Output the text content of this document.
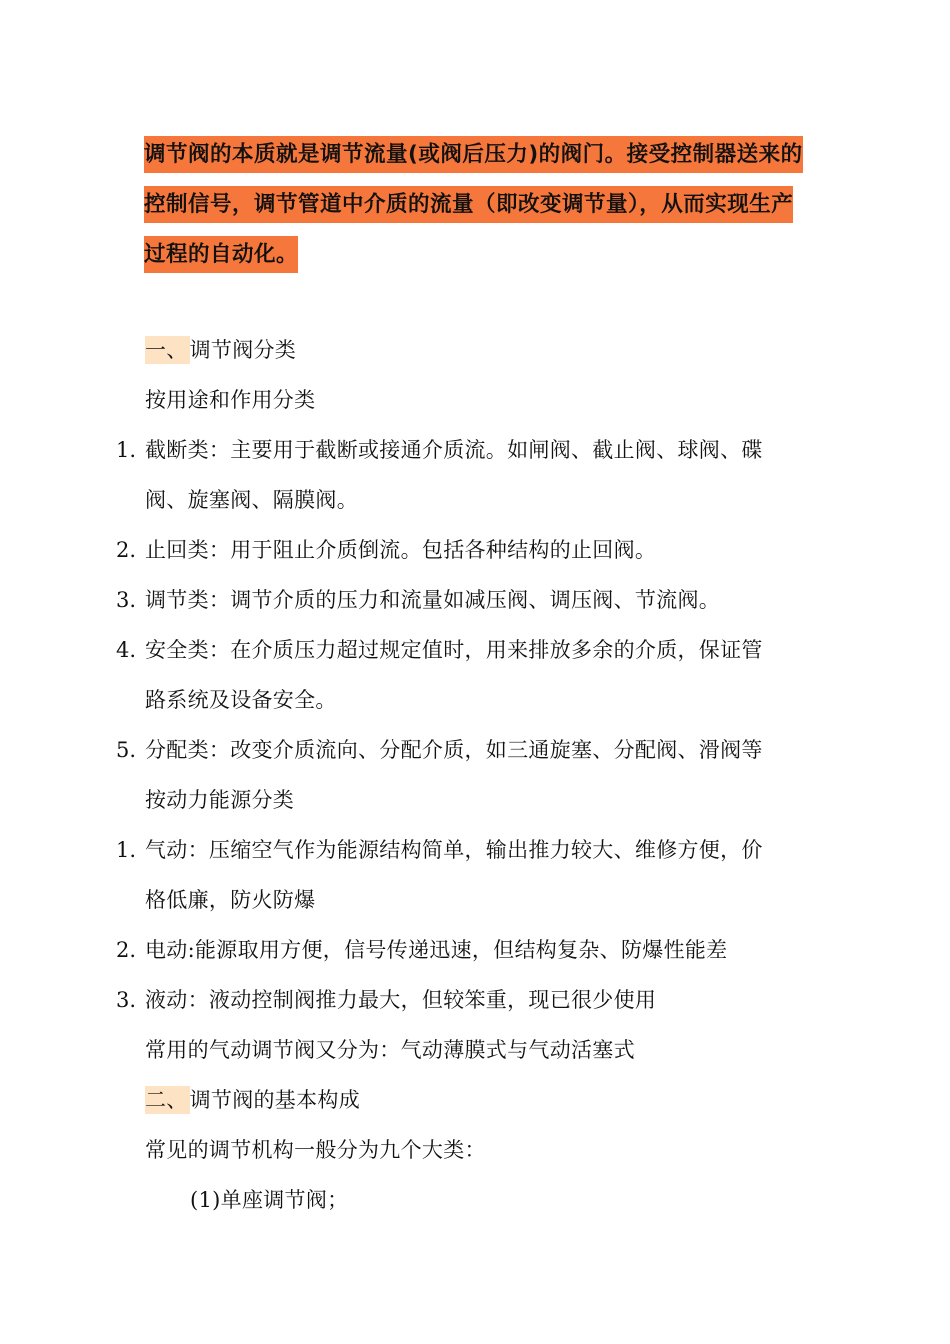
调节阀的本质就是调节流量(或阀后压力)的阀门。接受控制器送来的控制信号，调节管道中介质的流量（即改变调节量），从而实现生产过程的自动化。
一、调节阀分类
按用途和作用分类
1. 截断类：主要用于截断或接通介质流。如闸阀、截止阀、球阀、碟
阀、旋塞阀、隔膜阀。
2. 止回类：用于阻止介质倒流。包括各种结构的止回阀。
3. 调节类：调节介质的压力和流量如减压阀、调压阀、节流阀。
4. 安全类：在介质压力超过规定值时，用来排放多余的介质，保证管
路系统及设备安全。
5. 分配类：改变介质流向、分配介质，如三通旋塞、分配阀、滑阀等
按动力能源分类
1. 气动：压缩空气作为能源结构简单，输出推力较大、维修方便，价
格低廉，防火防爆
2. 电动:能源取用方便，信号传递迅速，但结构复杂、防爆性能差
3. 液动：液动控制阀推力最大，但较笨重，现已很少使用
常用的气动调节阀又分为：气动薄膜式与气动活塞式
二、调节阀的基本构成
常见的调节机构一般分为九个大类：
(1)单座调节阀；
